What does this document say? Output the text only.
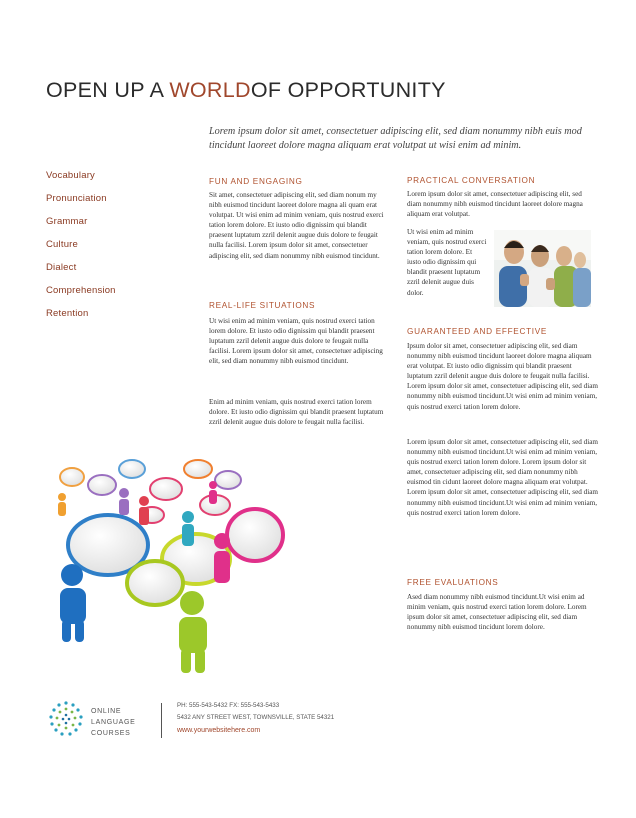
OPEN UP A WORLDOF OPPORTUNITY
Lorem ipsum dolor sit amet, consectetuer adipiscing elit, sed diam nonummy nibh euis mod tincidunt laoreet dolore magna aliquam erat volutpat ut wisi enim ad minim.
Vocabulary
Pronunciation
Grammar
Culture
Dialect
Comprehension
Retention
FUN AND ENGAGING
Sit amet, consectetuer adipiscing elit, sed diam nonum my nibh euismod tincidunt laoreet dolore magna ali quam erat volutpat. Ut wisi enim ad minim veniam, quis nostrud exerci tation lorem dolore. Et iusto odio dignissim qui blandit praesent luptatum zzril delenit augue duis dolore te feugait nulla facilisi. Lorem ipsum dolor sit amet, consectetuer adipiscing elit, sed diam nonummy nibh euismod tincidunt.
REAL-LIFE SITUATIONS
Ut wisi enim ad minim veniam, quis nostrud exerci tation lorem dolore. Et iusto odio dignissim qui blandit praesent luptatum zzril delenit augue duis dolore te feugait nulla facilisi. Lorem ipsum dolor sit amet, consectetuer adipiscing elit, sed diam nonummy nibh euismod tincidunt.
Enim ad minim veniam, quis nostrud exerci tation lorem dolore. Et iusto odio dignissim qui blandit praesent luptatum zzril delenit augue duis dolore te feugait nulla facilisi.
PRACTICAL CONVERSATION
Lorem ipsum dolor sit amet, consectetuer adipiscing elit, sed diam nonummy nibh euismod tincidunt laoreet dolore magna aliquam erat volutpat.
Ut wisi enim ad minim veniam, quis nostrud exerci tation lorem dolore. Et iusto odio dignissim qui blandit praesent luptatum zzril delenit augue duis dolor.
GUARANTEED AND EFFECTIVE
Ipsum dolor sit amet, consectetuer adipiscing elit, sed diam nonummy nibh euismod tincidunt laoreet dolore magna aliquam erat volutpat. Et iusto odio dignissim qui blandit praesent luptatum zzril delenit augue duis dolore te feugait nulla facilisi. Lorem ipsum dolor sit amet, consectetuer adipiscing elit, sed diam nonummy nibh euismod tincidunt.Ut wisi enim ad minim veniam, quis nostrud exerci tation lorem dolore.
Lorem ipsum dolor sit amet, consectetuer adipiscing elit, sed diam nonummy nibh euismod tincidunt.Ut wisi enim ad minim veniam, quis nostrud exerci tation lorem dolore. Lorem ipsum dolor sit amet, consectetuer adipiscing elit, sed diam nonummy nibh euismod tin cidunt laoreet dolore magna aliquam erat volutpat. Lorem ipsum dolor sit amet, consectetuer adipiscing elit, sed diam nonummy nibh euismod tincidunt.Ut wisi enim ad minim veniam, quis nostrud exerci tation lorem dolore.
FREE EVALUATIONS
Ased diam nonummy nibh euismod tincidunt.Ut wisi enim ad minim veniam, quis nostrud exerci tation lorem dolore. Lorem ipsum dolor sit amet, consectetuer adipiscing elit, sed diam nonummy nibh euismod tincidunt lorem dolore.
ONLINE
LANGUAGE
COURSES
PH: 555-543-5432 FX: 555-543-5433
5432 ANY STREET WEST, TOWNSVILLE, STATE 54321
www.yourwebsitehere.com
